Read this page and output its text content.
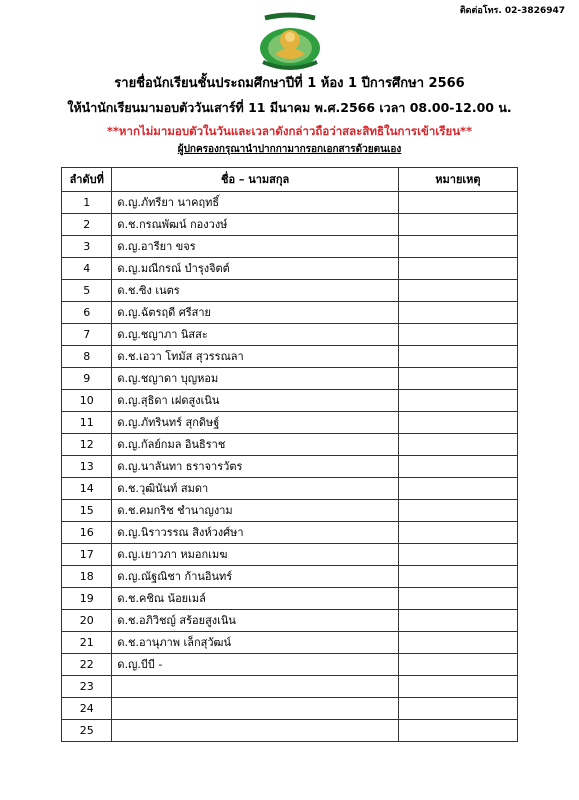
ติดต่อโทร. 02-3826947
รายชื่อนักเรียนชั้นประถมศึกษาปีที่ 1 ห้อง 1 ปีการศึกษา 2566
ให้นำนักเรียนมามอบตัววันเสาร์ที่ 11 มีนาคม พ.ศ.2566 เวลา 08.00-12.00 น.
**หากไม่มามอบตัวในวันและเวลาดังกล่าวถือว่าสละสิทธิในการเข้าเรียน**
ผู้ปกครองกรุณานำปากกามากรอกเอกสารด้วยตนเอง
ลำดับที่	ชื่อ – นามสกุล	หมายเหตุ
1	ด.ญ.ภัทรียา นาคฤทธิ์	
2	ด.ช.กรณพัฒน์ กองวงษ์	
3	ด.ญ.อารียา ขจร	
4	ด.ญ.มณีกรณ์ บำรุงจิตต์	
5	ด.ช.ซิง เนตร	
6	ด.ญ.ฉัตรฤดี ศรีสาย	
7	ด.ญ.ชญาภา นิสสะ	
8	ด.ช.เอวา โทมัส สุวรรณลา	
9	ด.ญ.ชญาดา บุญหอม	
10	ด.ญ.สุธิดา เฝดสูงเนิน	
11	ด.ญ.ภัทรินทร์ สุกดิษฐ์	
12	ด.ญ.กัลย์กมล อินธิราช	
13	ด.ญ.นาลันทา ธราจารวัตร	
14	ด.ช.วุฒินันท์ สมดา	
15	ด.ช.คมกริช ชำนาญงาม	
16	ด.ญ.นิราวรรณ สิงห์วงศ์ษา	
17	ด.ญ.เยาวภา หมอกเมฆ	
18	ด.ญ.ณัฐณิชา ก้านอินทร์	
19	ด.ช.คชิณ น้อยเมล์	
20	ด.ช.อภิวิชญ์ สร้อยสูงเนิน	
21	ด.ช.อานุภาพ เล็กสุวัฒน์	
22	ด.ญ.บีบี -	
23		
24		
25		
